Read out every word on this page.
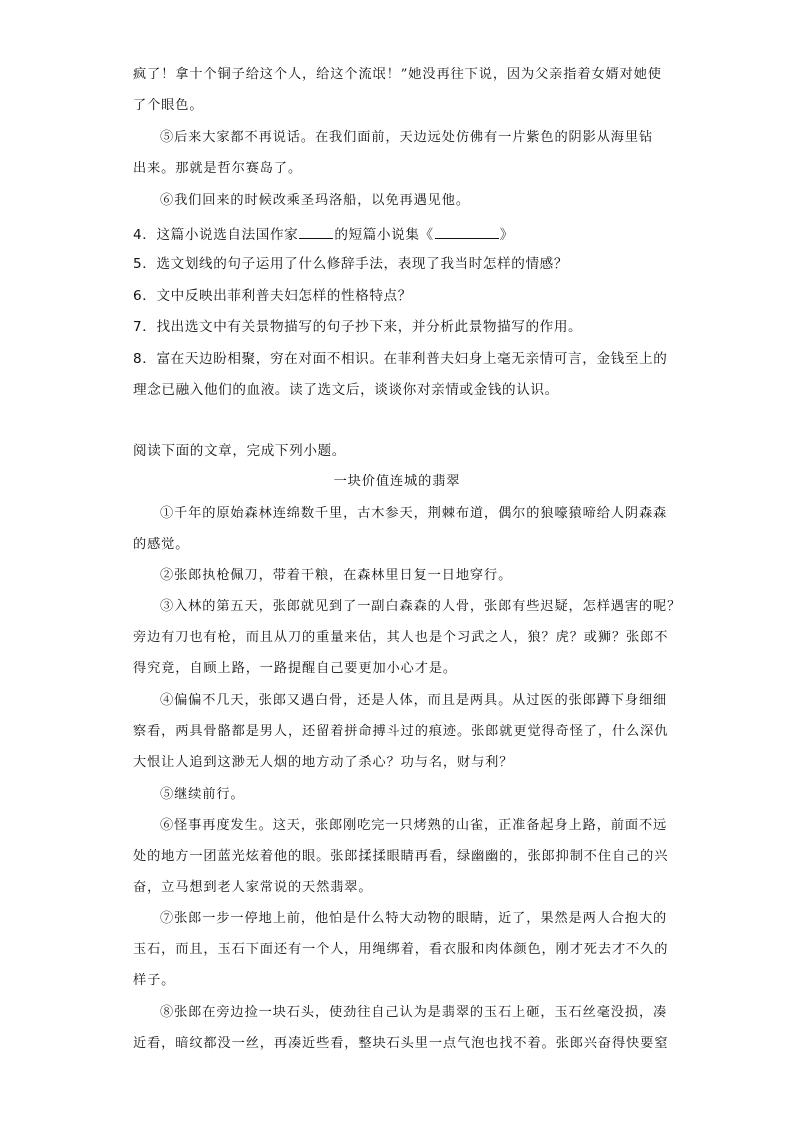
疯了！拿十个铜子给这个人，给这个流氓！”她没再往下说，因为父亲指着女婿对她使
了个眼色。
⑤后来大家都不再说话。在我们面前，天边远处仿佛有一片紫色的阴影从海里钻
出来。那就是哲尔赛岛了。
⑥我们回来的时候改乘圣玛洛船，以免再遇见他。
4．这篇小说选自法国作家	的短篇小说集《	》
5．选文划线的句子运用了什么修辞手法，表现了我当时怎样的情感？
6．文中反映出菲利普夫妇怎样的性格特点？
7．找出选文中有关景物描写的句子抄下来，并分析此景物描写的作用。
8．富在天边盼相聚，穷在对面不相识。在菲利普夫妇身上毫无亲情可言，金钱至上的
理念已融入他们的血液。读了选文后，谈谈你对亲情或金钱的认识。
阅读下面的文章，完成下列小题。
一块价值连城的翡翠
①千年的原始森林连绵数千里，古木参天，荆棘布道，偶尔的狼嚎猿啼给人阴森森
的感觉。
②张郎执枪佩刀，带着干粮，在森林里日复一日地穿行。
③入林的第五天，张郎就见到了一副白森森的人骨，张郎有些迟疑，怎样遇害的呢？
旁边有刀也有枪，而且从刀的重量来估，其人也是个习武之人，狼？虎？或狮？张郎不
得究竟，自顾上路，一路提醒自己要更加小心才是。
④偏偏不几天，张郎又遇白骨，还是人体，而且是两具。从过医的张郎蹲下身细细
察看，两具骨骼都是男人，还留着拼命搏斗过的痕迹。张郎就更觉得奇怪了，什么深仇
大恨让人追到这渺无人烟的地方动了杀心？功与名，财与利？
⑤继续前行。
⑥怪事再度发生。这天，张郎刚吃完一只烤熟的山雀，正准备起身上路，前面不远
处的地方一团蓝光炫着他的眼。张郎揉揉眼睛再看，绿幽幽的，张郎抑制不住自己的兴
奋，立马想到老人家常说的天然翡翠。
⑦张郎一步一停地上前，他怕是什么特大动物的眼睛，近了，果然是两人合抱大的
玉石，而且，玉石下面还有一个人，用绳绑着，看衣服和肉体颜色，刚才死去才不久的
样子。
⑧张郎在旁边捡一块石头，使劲往自己认为是翡翠的玉石上砸，玉石丝毫没损，凑
近看，暗纹都没一丝，再凑近些看，整块石头里一点气泡也找不着。张郎兴奋得快要窒
